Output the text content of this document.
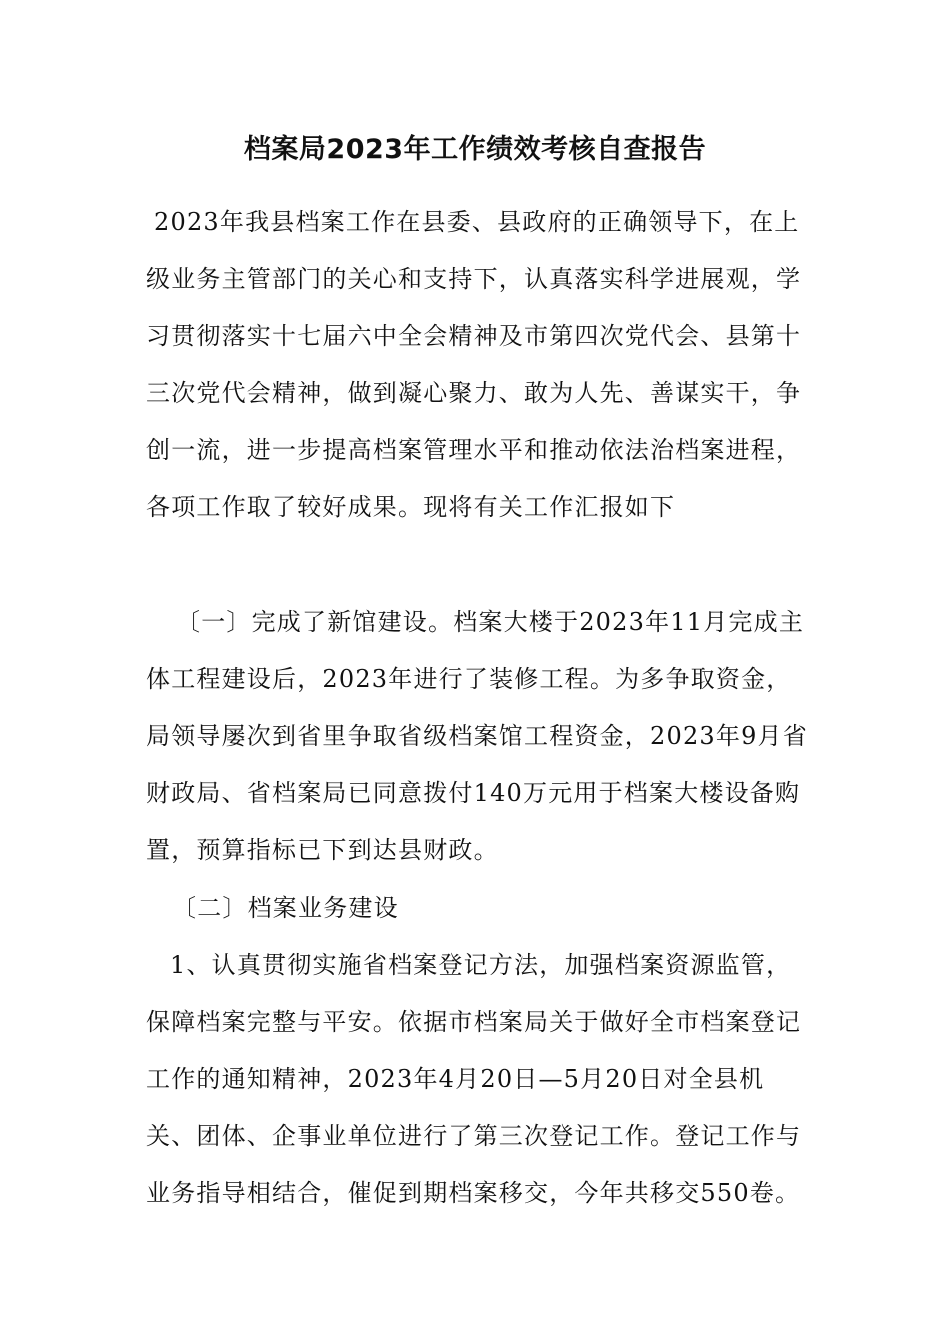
档案局2023年工作绩效考核自查报告

2023年我县档案工作在县委、县政府的正确领导下，在上级业务主管部门的关心和支持下，认真落实科学进展观，学习贯彻落实十七届六中全会精神及市第四次党代会、县第十三次党代会精神，做到凝心聚力、敢为人先、善谋实干，争创一流，进一步提高档案管理水平和推动依法治档案进程，各项工作取了较好成果。现将有关工作汇报如下

〔一〕完成了新馆建设。档案大楼于2023年11月完成主体工程建设后，2023年进行了装修工程。为多争取资金，局领导屡次到省里争取省级档案馆工程资金，2023年9月省财政局、省档案局已同意拨付140万元用于档案大楼设备购置，预算指标已下到达县财政。

〔二〕档案业务建设

1、认真贯彻实施省档案登记方法，加强档案资源监管，保障档案完整与平安。依据市档案局关于做好全市档案登记工作的通知精神，2023年4月20日—5月20日对全县机关、团体、企事业单位进行了第三次登记工作。登记工作与业务指导相结合，催促到期档案移交，今年共移交550卷。
